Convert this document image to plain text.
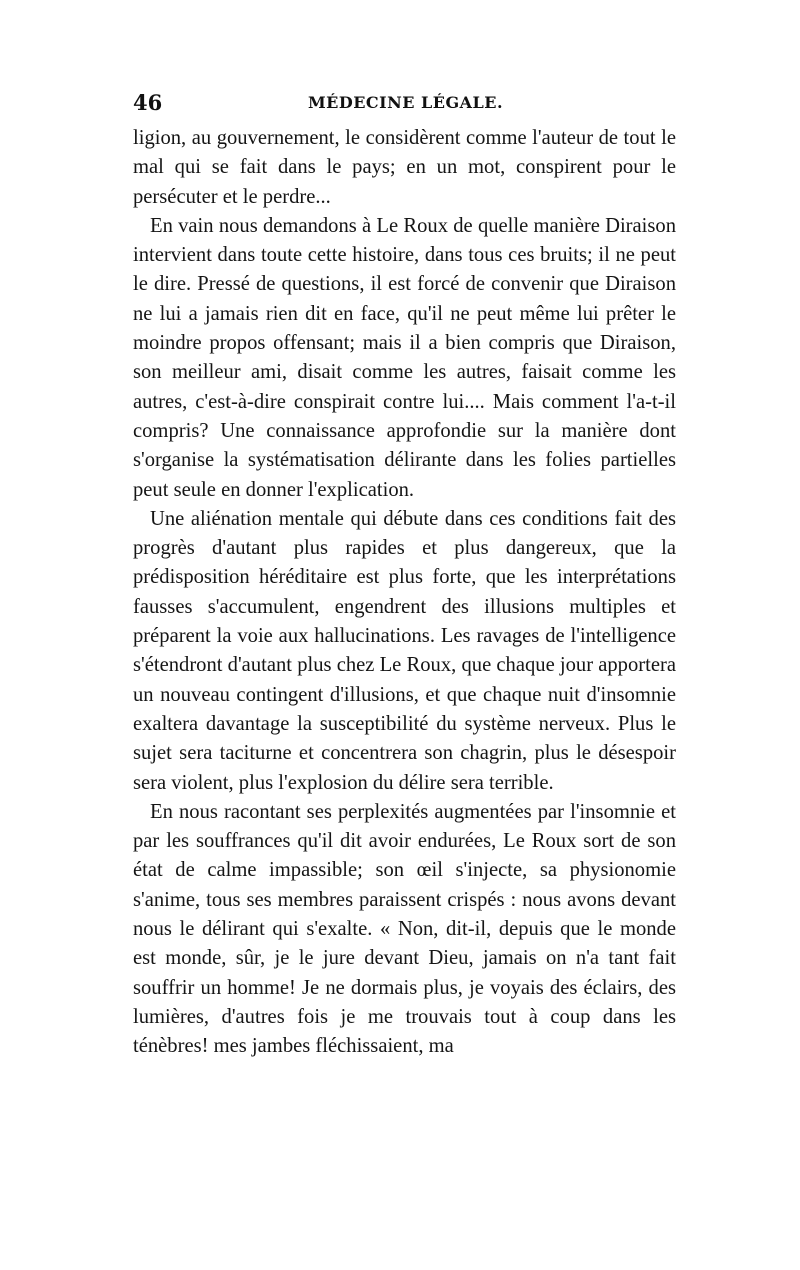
46	MÉDECINE LÉGALE.

ligion, au gouvernement, le considèrent comme l'auteur de tout le mal qui se fait dans le pays; en un mot, conspirent pour le persécuter et le perdre...

En vain nous demandons à Le Roux de quelle manière Diraison intervient dans toute cette histoire, dans tous ces bruits; il ne peut le dire. Pressé de questions, il est forcé de convenir que Diraison ne lui a jamais rien dit en face, qu'il ne peut même lui prêter le moindre propos offensant; mais il a bien compris que Diraison, son meilleur ami, disait comme les autres, faisait comme les autres, c'est-à-dire conspirait contre lui.... Mais comment l'a-t-il compris? Une connaissance approfondie sur la manière dont s'organise la systématisation délirante dans les folies partielles peut seule en donner l'explication.

Une aliénation mentale qui débute dans ces conditions fait des progrès d'autant plus rapides et plus dangereux, que la prédisposition héréditaire est plus forte, que les interprétations fausses s'accumulent, engendrent des illusions multiples et préparent la voie aux hallucinations. Les ravages de l'intelligence s'étendront d'autant plus chez Le Roux, que chaque jour apportera un nouveau contingent d'illusions, et que chaque nuit d'insomnie exaltera davantage la susceptibilité du système nerveux. Plus le sujet sera taciturne et concentrera son chagrin, plus le désespoir sera violent, plus l'explosion du délire sera terrible.

En nous racontant ses perplexités augmentées par l'insomnie et par les souffrances qu'il dit avoir endurées, Le Roux sort de son état de calme impassible; son œil s'injecte, sa physionomie s'anime, tous ses membres paraissent crispés : nous avons devant nous le délirant qui s'exalte. « Non, dit-il, depuis que le monde est monde, sûr, je le jure devant Dieu, jamais on n'a tant fait souffrir un homme! Je ne dormais plus, je voyais des éclairs, des lumières, d'autres fois je me trouvais tout à coup dans les ténèbres! mes jambes fléchissaient, ma
